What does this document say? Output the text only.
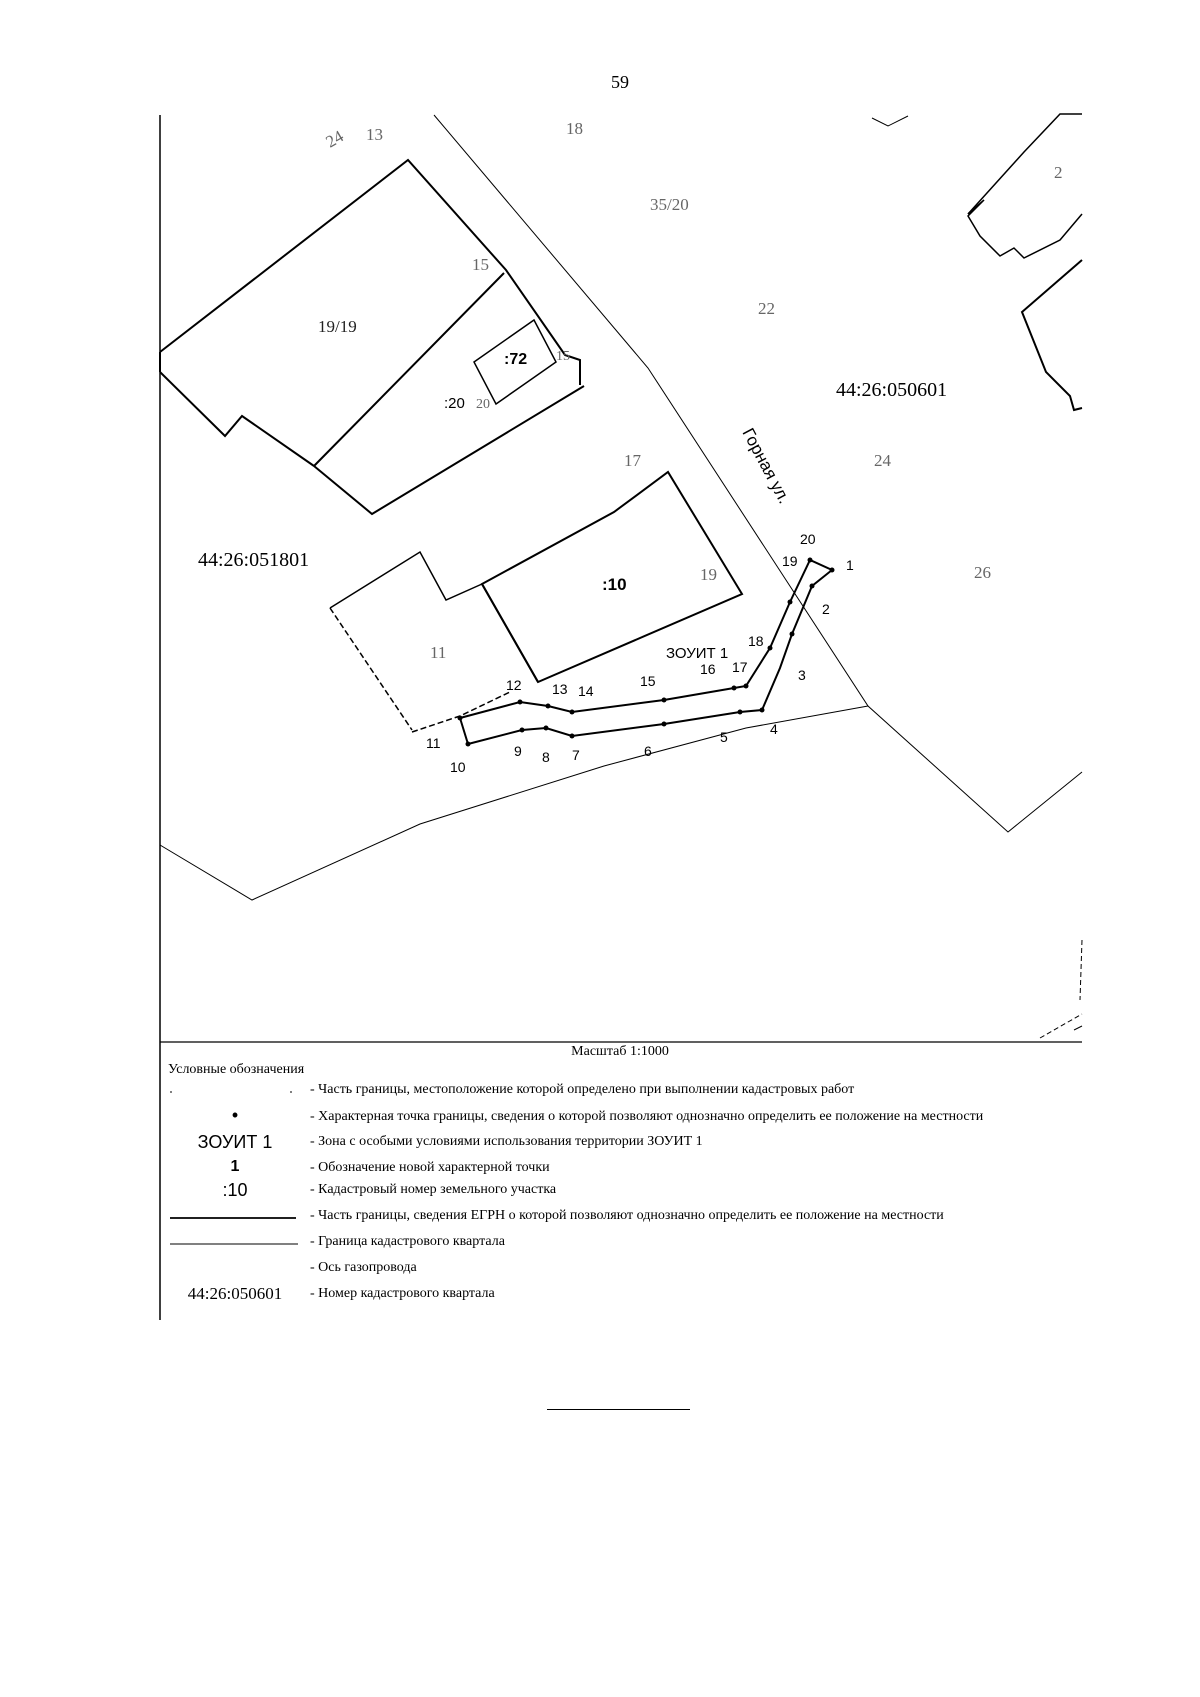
59
1
2
3
4
5
6
7
8
9
10
11
12 13 14
15
16 17
18
19
20
ЗОУИТ 1
44:26:050601
44:26:051801
Горная ул.
:72
:20
:10
24 13	18
35/20
15
19/19
15
20
22
17	24
2
26
19
11
Масштаб 1:1000
Условные обозначения
- Часть границы, местоположение которой определено при выполнении кадастровых работ
•	- Характерная точка границы, сведения о которой позволяют однозначно определить ее положение на местности
ЗОУИТ 1	- Зона с особыми условиями использования территории ЗОУИТ 1
1	- Обозначение новой характерной точки
:10	- Кадастровый номер земельного участка
- Часть границы, сведения ЕГРН о которой позволяют однозначно определить ее положение на местности
- Граница кадастрового квартала
- Ось газопровода
44:26:050601	- Номер кадастрового квартала
